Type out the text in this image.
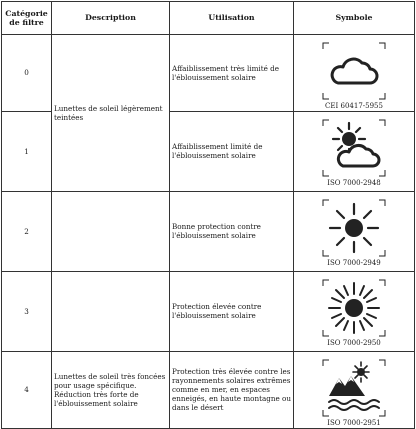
Catégorie de filtre	Description	Utilisation	Symbole
0	Lunettes de soleil légèrement teintées	Affaiblissement très limité de l'éblouissement solaire	CEI 60417-5955

1		Affaiblissement limité de l'éblouissement solaire	ISO 7000-2948

2		Bonne protection contre l'éblouissement solaire	ISO 7000-2949

3		Protection élevée contre l'éblouissement solaire	ISO 7000-2950

4	Lunettes de soleil très foncées pour usage spécifique. Réduction très forte de l'éblouissement solaire	Protection très élevée contre les rayonnements solaires extrêmes comme en mer, en espaces enneigés, en haute montagne ou dans le désert	ISO 7000-2951
